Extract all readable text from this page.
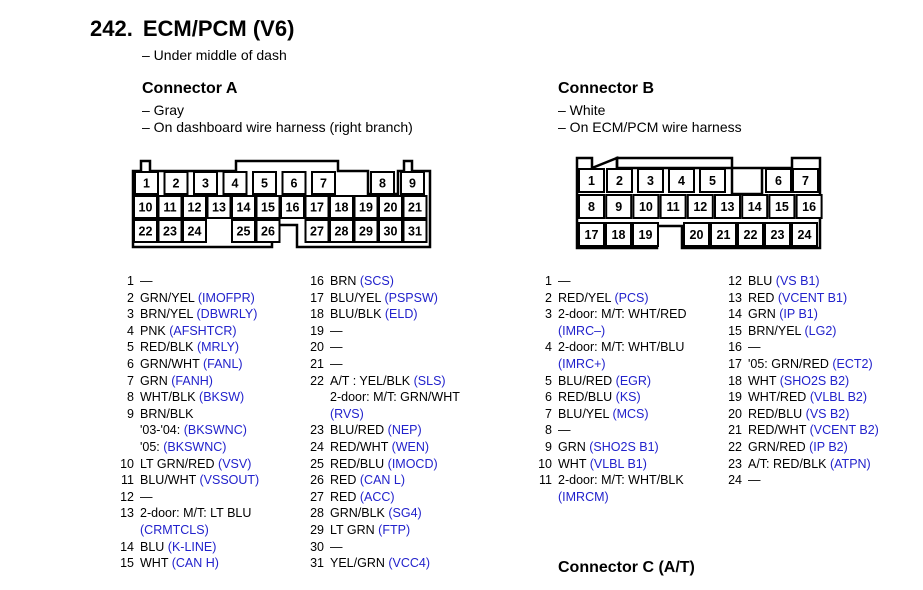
242. ECM/PCM (V6)
– Under middle of dash
Connector A
– Gray
– On dashboard wire harness (right branch)
Connector B
– White
– On ECM/PCM wire harness
1 2 3 4 5 6 7	8 9
10 11 12 13 14 15 16 17 18 19 20 21
22 23 24	25 26	27 28 29 30 31
1 2 3 4 5	6 7
8 9 10 11 12 13 14 15 16
17 18 19	20 21 22 23 24
1 —
2 GRN/YEL (IMOFPR)
3 BRN/YEL (DBWRLY)
4 PNK (AFSHTCR)
5 RED/BLK (MRLY)
6 GRN/WHT (FANL)
7 GRN (FANH)
8 WHT/BLK (BKSW)
9 BRN/BLK
'03-'04: (BKSWNC)
'05: (BKSWNC)
10 LT GRN/RED (VSV)
11 BLU/WHT (VSSOUT)
12 —
13 2-door: M/T: LT BLU
(CRMTCLS)
14 BLU (K-LINE)
15 WHT (CAN H)
16 BRN (SCS)
17 BLU/YEL (PSPSW)
18 BLU/BLK (ELD)
19 —
20 —
21 —
22 A/T : YEL/BLK (SLS)
2-door: M/T: GRN/WHT
(RVS)
23 BLU/RED (NEP)
24 RED/WHT (WEN)
25 RED/BLU (IMOCD)
26 RED (CAN L)
27 RED (ACC)
28 GRN/BLK (SG4)
29 LT GRN (FTP)
30 —
31 YEL/GRN (VCC4)
1 —
2 RED/YEL (PCS)
3 2-door: M/T: WHT/RED
(IMRC–)
4 2-door: M/T: WHT/BLU
(IMRC+)
5 BLU/RED (EGR)
6 RED/BLU (KS)
7 BLU/YEL (MCS)
8 —
9 GRN (SHO2S B1)
10 WHT (VLBL B1)
11 2-door: M/T: WHT/BLK
(IMRCM)
12 BLU (VS B1)
13 RED (VCENT B1)
14 GRN (IP B1)
15 BRN/YEL (LG2)
16 —
17 '05: GRN/RED (ECT2)
18 WHT (SHO2S B2)
19 WHT/RED (VLBL B2)
20 RED/BLU (VS B2)
21 RED/WHT (VCENT B2)
22 GRN/RED (IP B2)
23 A/T: RED/BLK (ATPN)
24 —
Connector C (A/T)
